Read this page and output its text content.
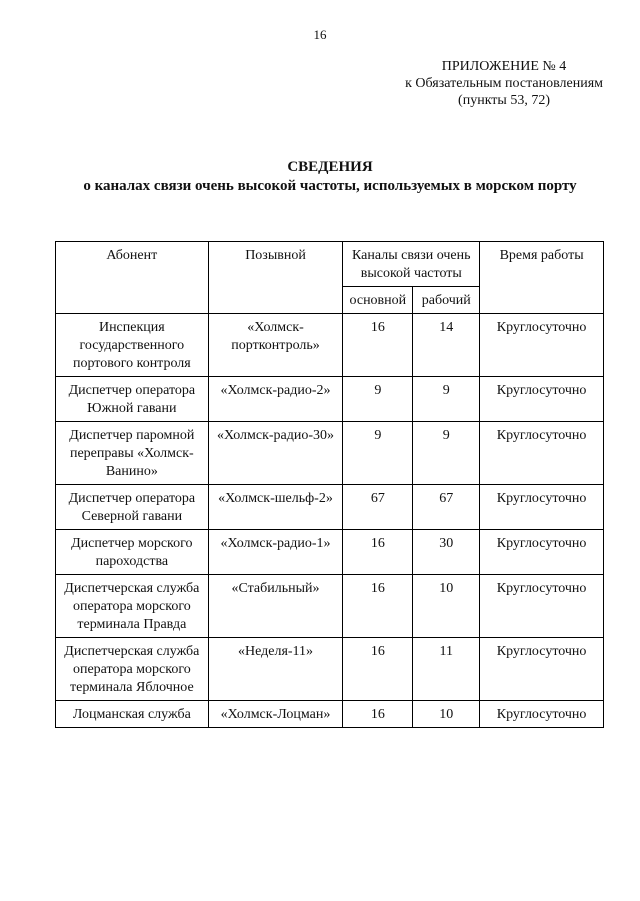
16
ПРИЛОЖЕНИЕ № 4
к Обязательным постановлениям
(пункты 53, 72)
СВЕДЕНИЯ
о каналах связи очень высокой частоты, используемых в морском порту
Абонент	Позывной	Каналы связи очень высокой частоты		Время работы
		основной	рабочий	
Инспекция государственного портового контроля	«Холмск-портконтроль»	16	14	Круглосуточно
Диспетчер оператора Южной гавани	«Холмск-радио-2»	9	9	Круглосуточно
Диспетчер паромной переправы «Холмск-Ванино»	«Холмск-радио-30»	9	9	Круглосуточно
Диспетчер оператора Северной гавани	«Холмск-шельф-2»	67	67	Круглосуточно
Диспетчер морского пароходства	«Холмск-радио-1»	16	30	Круглосуточно
Диспетчерская служба оператора морского терминала Правда	«Стабильный»	16	10	Круглосуточно
Диспетчерская служба оператора морского терминала Яблочное	«Неделя-11»	16	11	Круглосуточно
Лоцманская служба	«Холмск-Лоцман»	16	10	Круглосуточно
